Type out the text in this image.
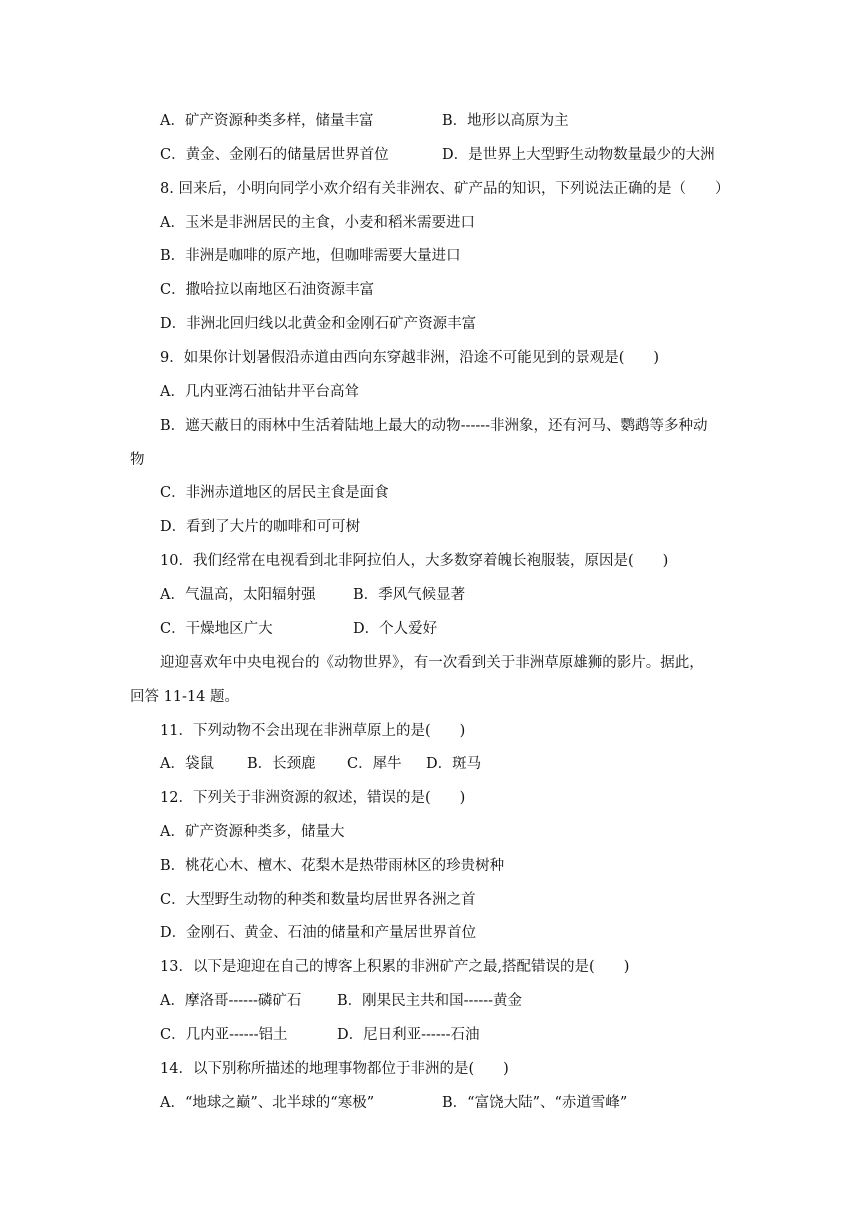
A．矿产资源种类多样，储量丰富	B．地形以高原为主
C．黄金、金刚石的储量居世界首位	D．是世界上大型野生动物数量最少的大洲
8. 回来后，小明向同学小欢介绍有关非洲农、矿产品的知识，下列说法正确的是（　　）
A．玉米是非洲居民的主食，小麦和稻米需要进口
B．非洲是咖啡的原产地，但咖啡需要大量进口
C．撒哈拉以南地区石油资源丰富
D．非洲北回归线以北黄金和金刚石矿产资源丰富
9．如果你计划暑假沿赤道由西向东穿越非洲，沿途不可能见到的景观是(　　)
A．几内亚湾石油钻井平台高耸
B．遮天蔽日的雨林中生活着陆地上最大的动物------非洲象，还有河马、鹦鹉等多种动
物
C．非洲赤道地区的居民主食是面食
D．看到了大片的咖啡和可可树
10．我们经常在电视看到北非阿拉伯人，大多数穿着魄长袍服装，原因是(　　)
A．气温高，太阳辐射强	B．季风气候显著
C．干燥地区广大	D．个人爱好
迎迎喜欢年中央电视台的《动物世界》，有一次看到关于非洲草原雄狮的影片。据此，
回答 11-14 题。
11．下列动物不会出现在非洲草原上的是(　　)
A．袋鼠 B．长颈鹿 C．犀牛 D．斑马
12．下列关于非洲资源的叙述，错误的是(　　)
A．矿产资源种类多，储量大
B．桃花心木、檀木、花梨木是热带雨林区的珍贵树种
C．大型野生动物的种类和数量均居世界各洲之首
D．金刚石、黄金、石油的储量和产量居世界首位
13．以下是迎迎在自己的博客上积累的非洲矿产之最,搭配错误的是(　　)
A．摩洛哥------磷矿石 B．刚果民主共和国------黄金
C．几内亚------铝土	D．尼日利亚------石油
14．以下别称所描述的地理事物都位于非洲的是(　　)
A．“地球之巅”、北半球的“寒极”	B．“富饶大陆”、“赤道雪峰”
